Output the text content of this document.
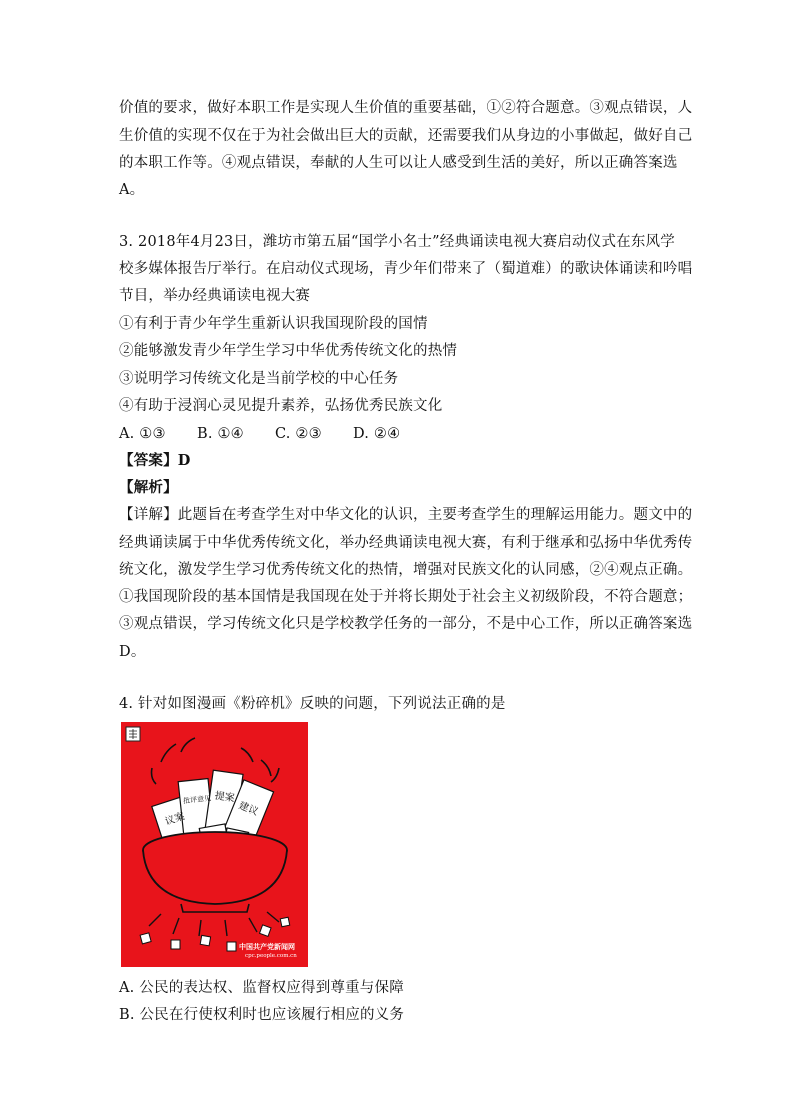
价值的要求，做好本职工作是实现人生价值的重要基础，①②符合题意。③观点错误，人
生价值的实现不仅在于为社会做出巨大的贡献，还需要我们从身边的小事做起，做好自己
的本职工作等。④观点错误，奉献的人生可以让人感受到生活的美好，所以正确答案选
A。
3. 2018年4月23日，潍坊市第五届“国学小名士”经典诵读电视大赛启动仪式在东风学
校多媒体报告厅举行。在启动仪式现场，青少年们带来了（蜀道难）的歌诀体诵读和吟唱
节目，举办经典诵读电视大赛
①有利于青少年学生重新认识我国现阶段的国情
②能够激发青少年学生学习中华优秀传统文化的热情
③说明学习传统文化是当前学校的中心任务
④有助于浸润心灵见提升素养，弘扬优秀民族文化
A. ①③ B. ①④ C. ②③ D. ②④
【答案】D
【解析】
【详解】此题旨在考查学生对中华文化的认识，主要考查学生的理解运用能力。题文中的
经典诵读属于中华优秀传统文化，举办经典诵读电视大赛，有利于继承和弘扬中华优秀传
统文化，激发学生学习优秀传统文化的热情，增强对民族文化的认同感，②④观点正确。
①我国现阶段的基本国情是我国现在处于并将长期处于社会主义初级阶段，不符合题意；
③观点错误，学习传统文化只是学校教学任务的一部分，不是中心工作，所以正确答案选
D。
4. 针对如图漫画《粉碎机》反映的问题，下列说法正确的是
议案
批评意见 提案
建议
中国共产党新闻网
cpc.people.com.cn
A. 公民的表达权、监督权应得到尊重与保障
B. 公民在行使权利时也应该履行相应的义务
